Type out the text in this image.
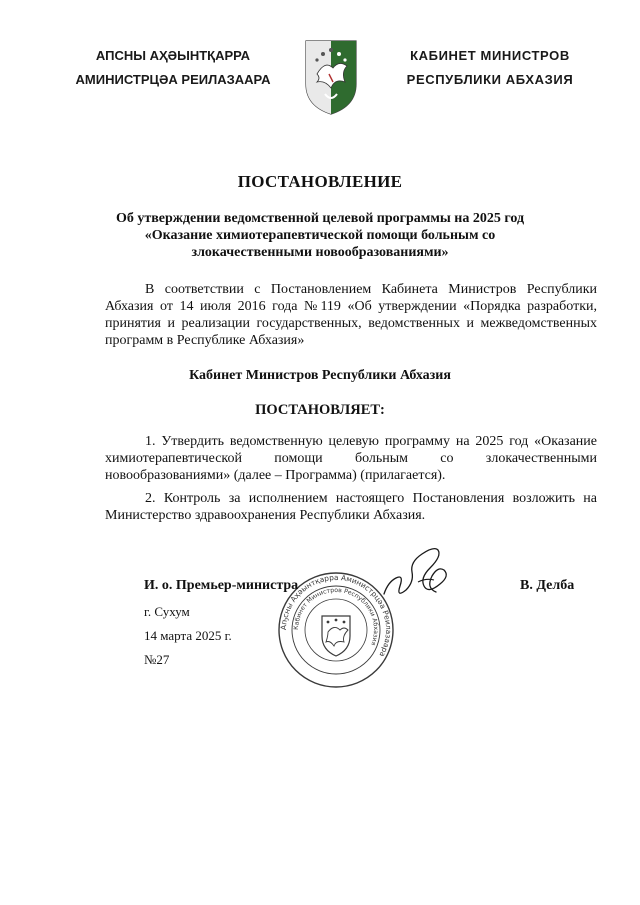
АПСНЫ АҲӘЫНТҚАРРА
АМИНИСТРЦӘА РЕИЛАЗААРА
КАБИНЕТ МИНИСТРОВ
РЕСПУБЛИКИ АБХАЗИЯ
ПОСТАНОВЛЕНИЕ
Об утверждении ведомственной целевой программы на 2025 год
«Оказание химиотерапевтической помощи больным со
злокачественными новообразованиями»
В соответствии с Постановлением Кабинета Министров Республики Абхазия от 14 июля 2016 года №119 «Об утверждении «Порядка разработки, принятия и реализации государственных, ведомственных и межведомственных программ в Республике Абхазия»
Кабинет Министров Республики Абхазия
ПОСТАНОВЛЯЕТ:
1. Утвердить ведомственную целевую программу на 2025 год «Оказание химиотерапевтической помощи больным со злокачественными новообразованиями» (далее – Программа) (прилагается).
2. Контроль за исполнением настоящего Постановления возложить на Министерство здравоохранения Республики Абхазия.
Аҧсны Аҳәынтқарра Аминистрцәа Реилазаара
Кабинет Министров Республики Абхазия
И. о. Премьер-министра	В. Делба
г. Сухум
14 марта 2025 г.
№27
